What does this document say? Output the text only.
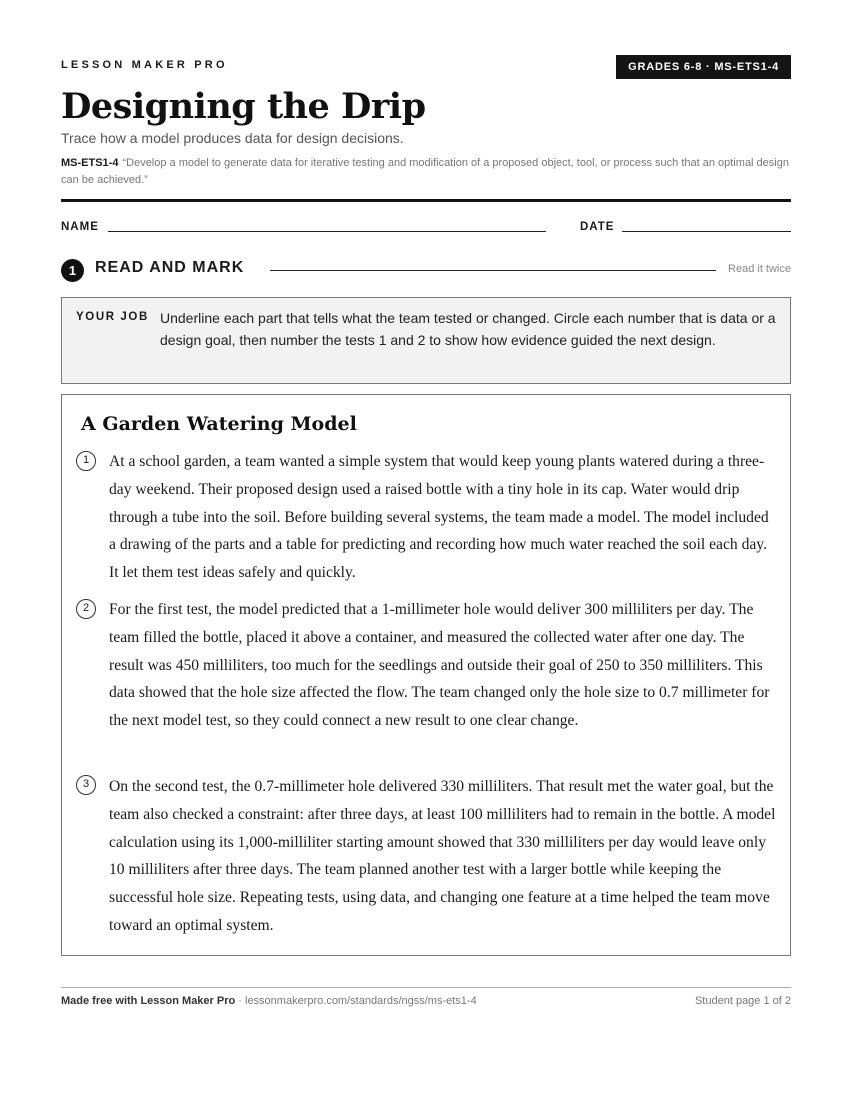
LESSON MAKER PRO	GRADES 6-8 · MS-ETS1-4
Designing the Drip
Trace how a model produces data for design decisions.
MS-ETS1-4 “Develop a model to generate data for iterative testing and modification of a proposed object, tool, or process such that an optimal design can be achieved.”
NAME	DATE
1	READ AND MARK	Read it twice
YOUR JOB Underline each part that tells what the team tested or changed. Circle each number that is data or a design goal, then number the tests 1 and 2 to show how evidence guided the next design.
A Garden Watering Model
1	At a school garden, a team wanted a simple system that would keep young plants watered during a three-day weekend. Their proposed design used a raised bottle with a tiny hole in its cap. Water would drip through a tube into the soil. Before building several systems, the team made a model. The model included a drawing of the parts and a table for predicting and recording how much water reached the soil each day. It let them test ideas safely and quickly.

2	For the first test, the model predicted that a 1-millimeter hole would deliver 300 milliliters per day. The team filled the bottle, placed it above a container, and measured the collected water after one day. The result was 450 milliliters, too much for the seedlings and outside their goal of 250 to 350 milliliters. This data showed that the hole size affected the flow. The team changed only the hole size to 0.7 millimeter for the next model test, so they could connect a new result to one clear change.

3	On the second test, the 0.7-millimeter hole delivered 330 milliliters. That result met the water goal, but the team also checked a constraint: after three days, at least 100 milliliters had to remain in the bottle. A model calculation using its 1,000-milliliter starting amount showed that 330 milliliters per day would leave only 10 milliliters after three days. The team planned another test with a larger bottle while keeping the successful hole size. Repeating tests, using data, and changing one feature at a time helped the team move toward an optimal system.

Made free with Lesson Maker Pro · lessonmakerpro.com/standards/ngss/ms-ets1-4	Student page 1 of 2
